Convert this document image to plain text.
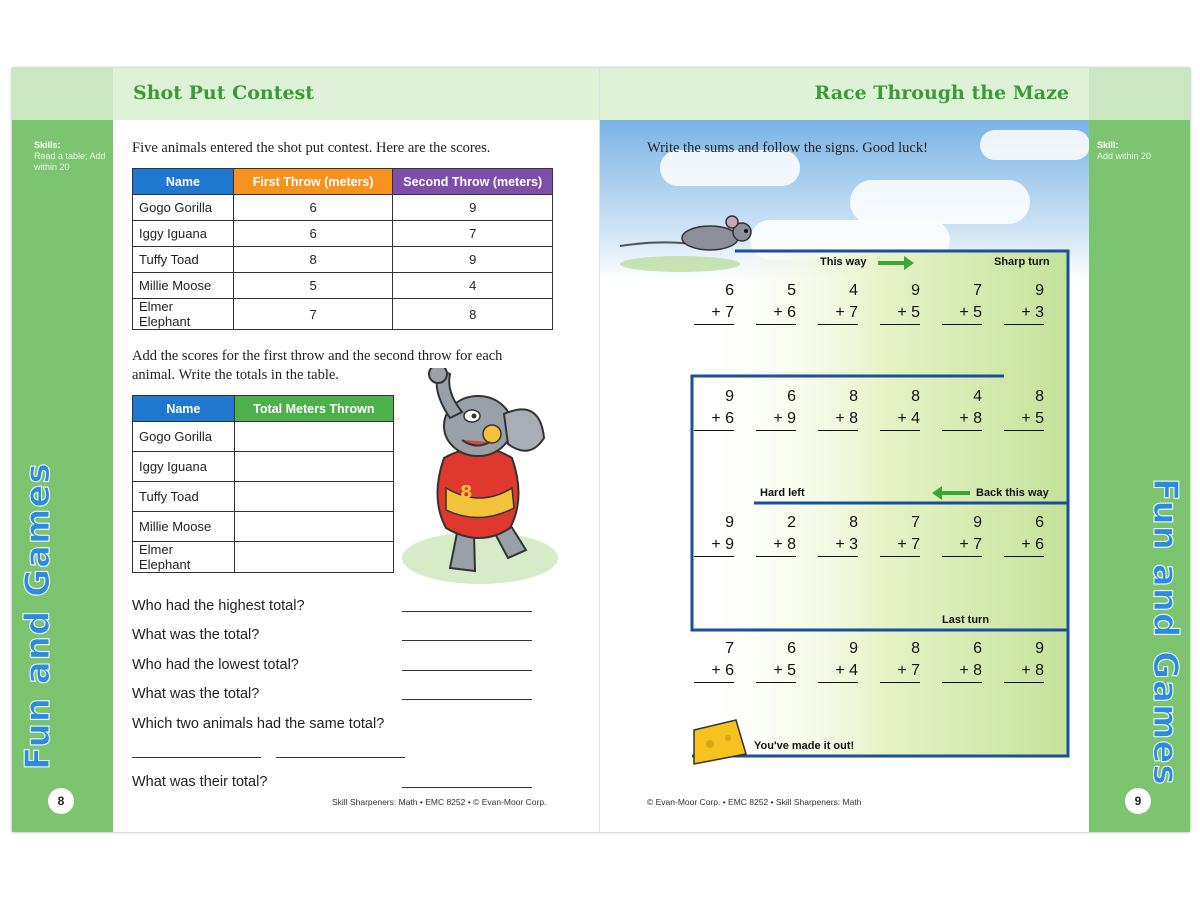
Skills:
Read a table; Add within 20
Fun and Games
8
Shot Put Contest
Five animals entered the shot put contest. Here are the scores.
Name	First Throw (meters)	Second Throw (meters)
Gogo Gorilla	6	9
Iggy Iguana	6	7
Tuffy Toad	8	9
Millie Moose	5	4
Elmer Elephant	7	8
Add the scores for the first throw and the second throw for each animal. Write the totals in the table.
Name	Total Meters Thrown
Gogo Gorilla	
Iggy Iguana	
Tuffy Toad	
Millie Moose	
Elmer Elephant	
8
Who had the highest total?
What was the total?
Who had the lowest total?
What was the total?
Which two animals had the same total?
What was their total?
Skill Sharpeners: Math • EMC 8252 • © Evan-Moor Corp.
Race Through the Maze
Write the sums and follow the signs. Good luck!
This way	Sharp turn
Hard left	Back this way
Last turn
You've made it out!
6
+ 7
5
+ 6
4
+ 7
9
+ 5
7
+ 5
9
+ 3
9
+ 6
6
+ 9
8
+ 8
8
+ 4
4
+ 8
8
+ 5
9
+ 9
2
+ 8
8
+ 3
7
+ 7
9
+ 7
6
+ 6
7
+ 6
6
+ 5
9
+ 4
8
+ 7
6
+ 8
9
+ 8
© Evan-Moor Corp. • EMC 8252 • Skill Sharpeners: Math
Skill:
Add within 20
Fun and Games
9
